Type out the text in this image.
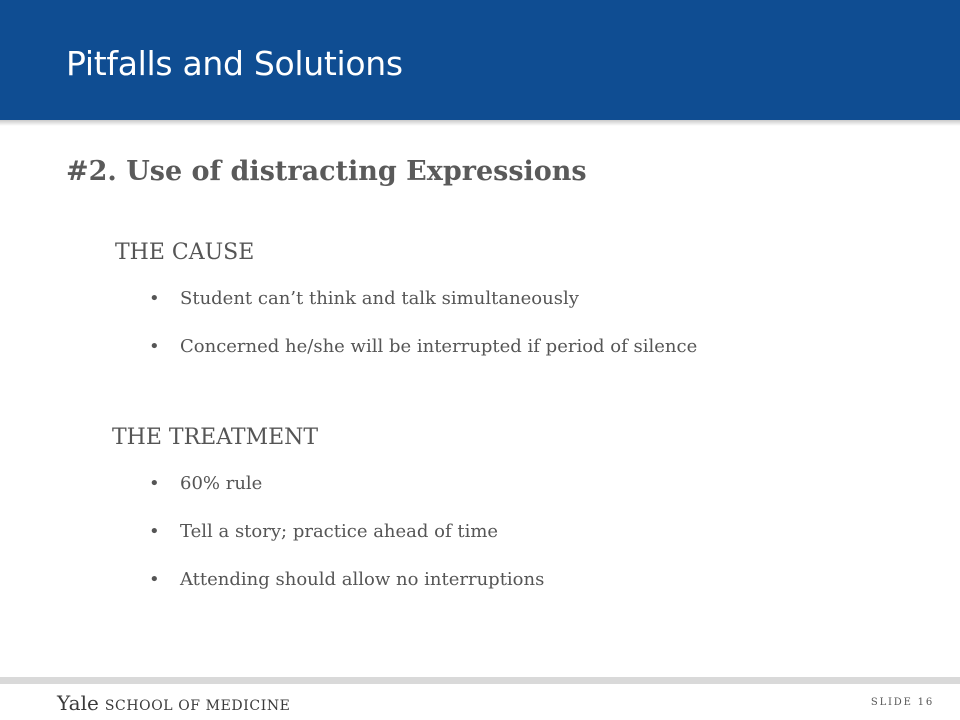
Pitfalls and Solutions
#2. Use of distracting Expressions
THE CAUSE
• Student can’t think and talk simultaneously
• Concerned he/she will be interrupted if period of silence
THE TREATMENT
• 60% rule
• Tell a story; practice ahead of time
• Attending should allow no interruptions
Yale SCHOOL OF MEDICINE	SLIDE 16
